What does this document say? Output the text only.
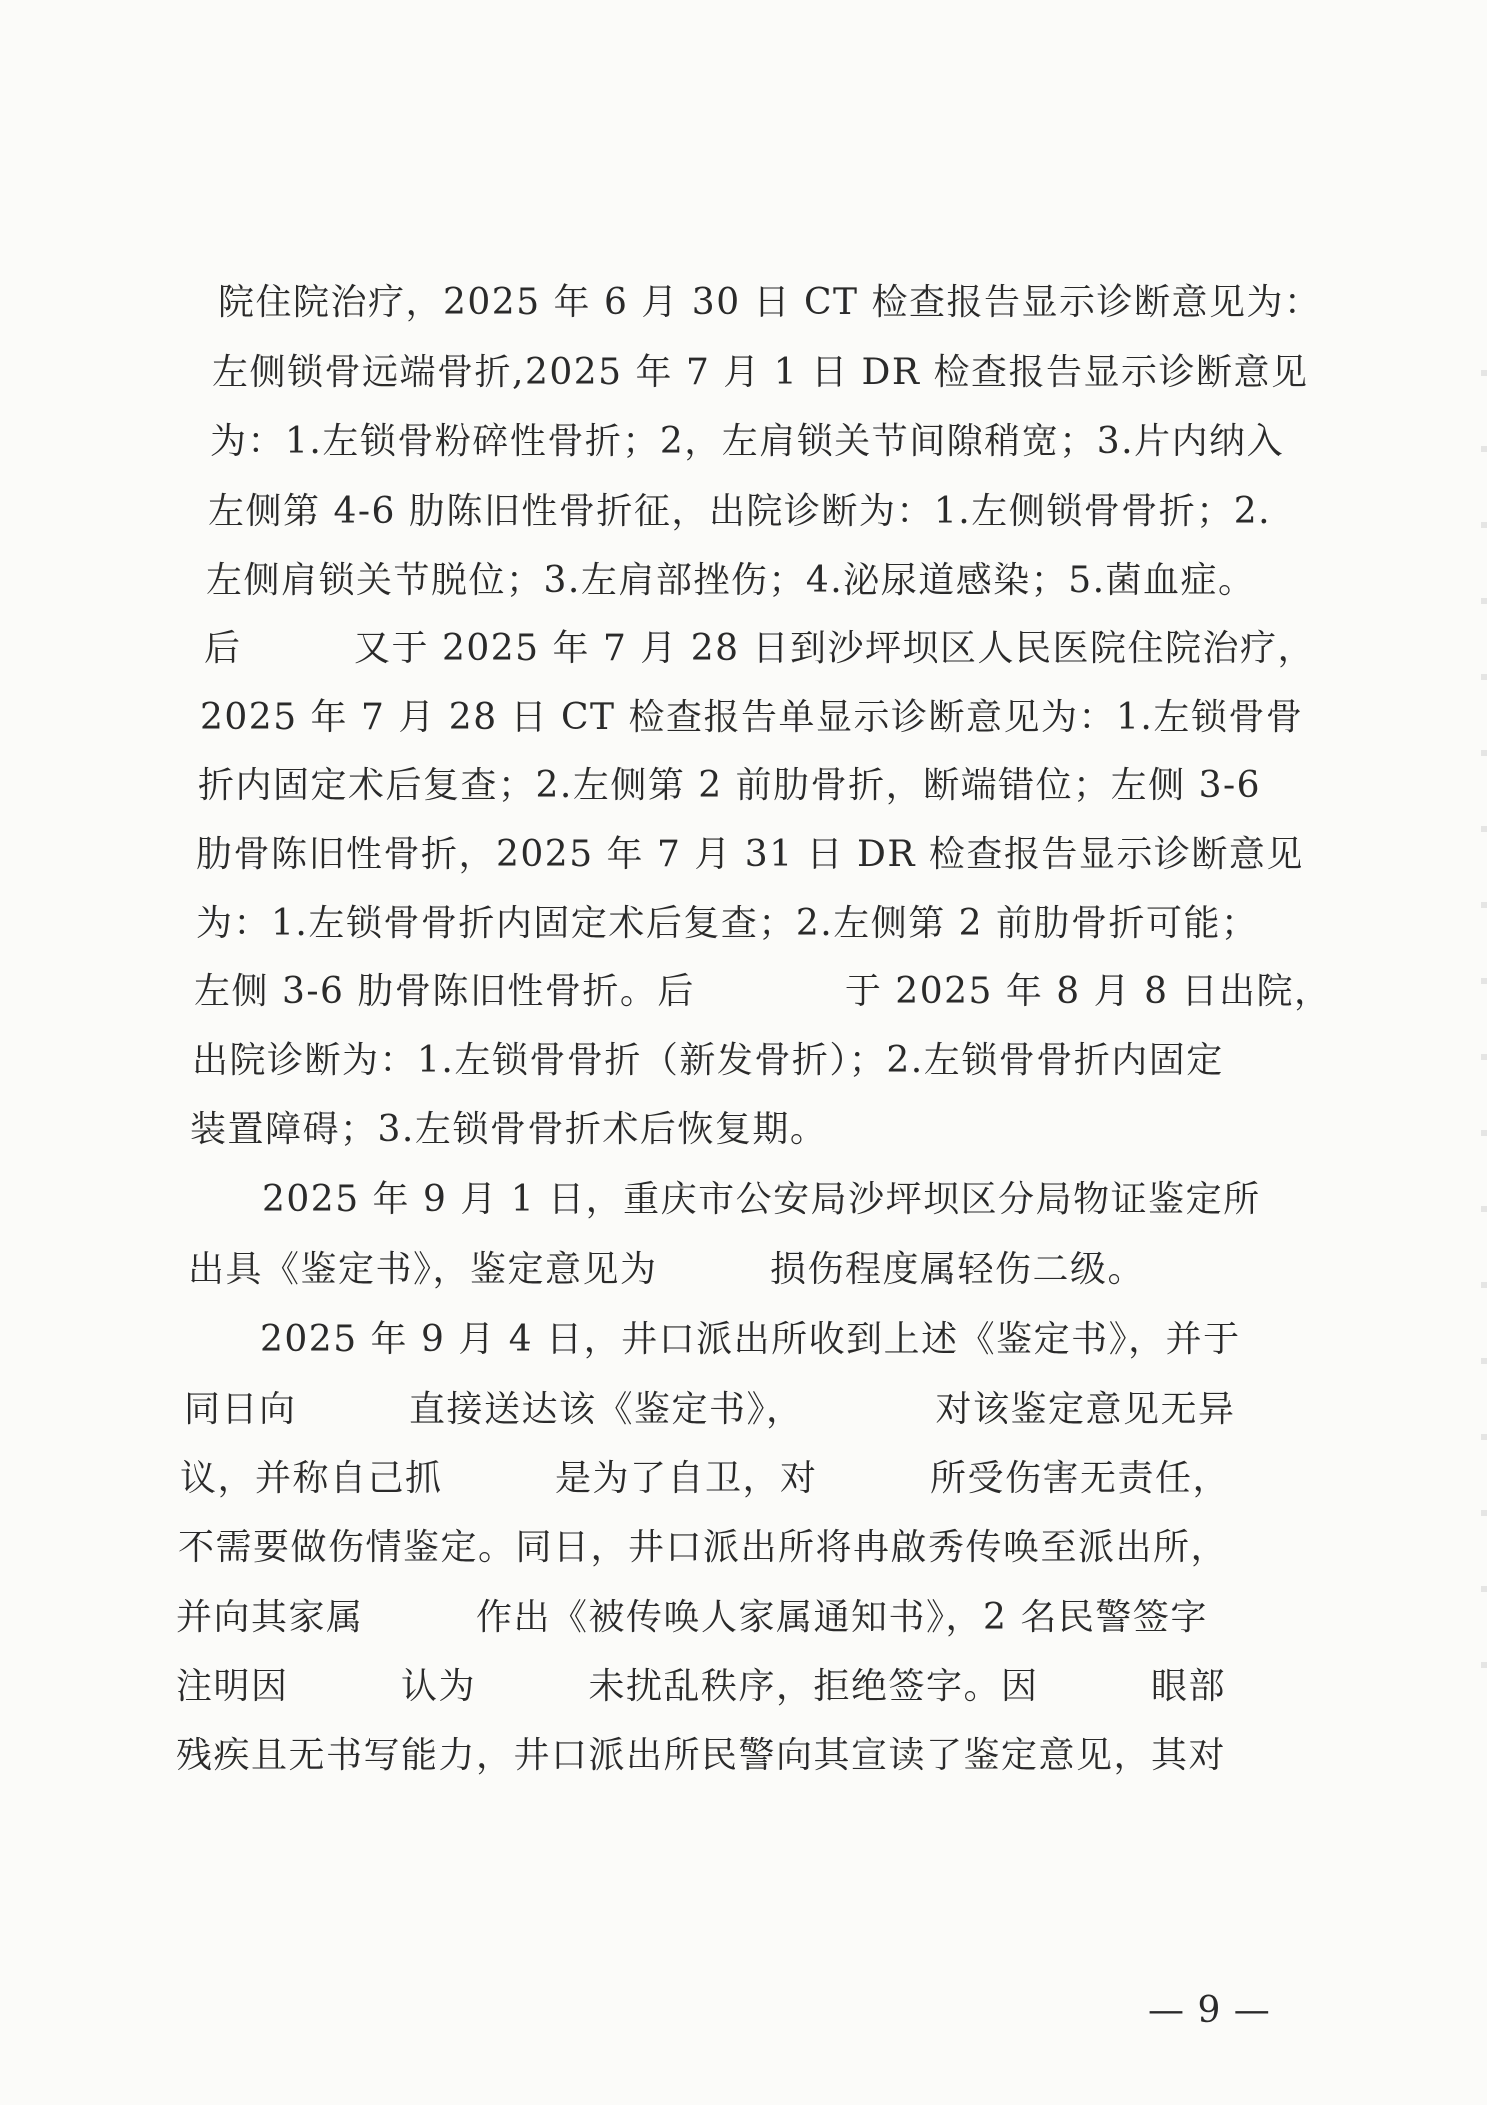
院住院治疗，2025 年 6 月 30 日 CT 检查报告显示诊断意见为：
左侧锁骨远端骨折,2025 年 7 月 1 日 DR 检查报告显示诊断意见
为：1.左锁骨粉碎性骨折；2，左肩锁关节间隙稍宽；3.片内纳入
左侧第 4-6 肋陈旧性骨折征，出院诊断为：1.左侧锁骨骨折；2.
左侧肩锁关节脱位；3.左肩部挫伤；4.泌尿道感染；5.菌血症。
后　　　又于 2025 年 7 月 28 日到沙坪坝区人民医院住院治疗，
2025 年 7 月 28 日 CT 检查报告单显示诊断意见为：1.左锁骨骨
折内固定术后复查；2.左侧第 2 前肋骨折，断端错位；左侧 3-6
肋骨陈旧性骨折，2025 年 7 月 31 日 DR 检查报告显示诊断意见
为：1.左锁骨骨折内固定术后复查；2.左侧第 2 前肋骨折可能；
左侧 3-6 肋骨陈旧性骨折。后　　　　于 2025 年 8 月 8 日出院，
出院诊断为：1.左锁骨骨折（新发骨折）；2.左锁骨骨折内固定
装置障碍；3.左锁骨骨折术后恢复期。
2025 年 9 月 1 日，重庆市公安局沙坪坝区分局物证鉴定所
出具《鉴定书》，鉴定意见为　　　损伤程度属轻伤二级。
2025 年 9 月 4 日，井口派出所收到上述《鉴定书》，并于
同日向　　　直接送达该《鉴定书》，　　　　对该鉴定意见无异
议，并称自己抓　　　是为了自卫，对　　　所受伤害无责任，
不需要做伤情鉴定。同日，井口派出所将冉啟秀传唤至派出所，
并向其家属　　　作出《被传唤人家属通知书》，2 名民警签字
注明因　　　认为　　　未扰乱秩序，拒绝签字。因　　　眼部
残疾且无书写能力，井口派出所民警向其宣读了鉴定意见，其对
— 9 —
